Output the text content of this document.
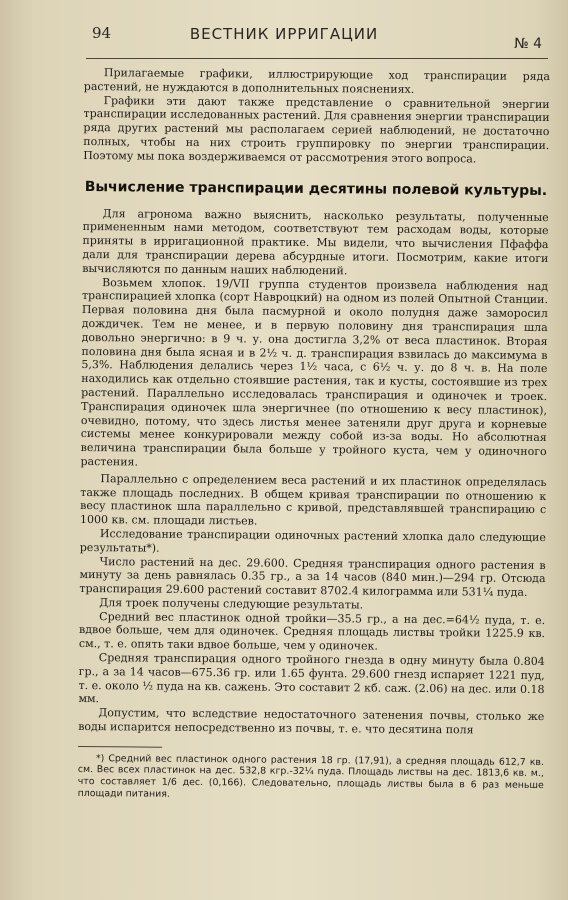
94	ВЕСТНИК ИРРИГАЦИИ
№ 4

Прилагаемые графики, иллюстрирующие ход транспирации ряда растений, не нуждаются в дополнительных пояснениях.

Графики эти дают также представление о сравнительной энергии транспирации исследованных растений. Для сравнения энергии транспирации ряда других растений мы располагаем серией наблюдений, не достаточно полных, чтобы на них строить группировку по энергии транспирации. Поэтому мы пока воздерживаемся от рассмотрения этого вопроса.

Вычисление транспирации десятины полевой культуры.

Для агронома важно выяснить, насколько результаты, полученные примененным нами методом, соответствуют тем расходам воды, которые приняты в ирригационной практике. Мы видели, что вычисления Пфаффа дали для транспирации дерева абсурдные итоги. Посмотрим, какие итоги вычисляются по данным наших наблюдений.

Возьмем хлопок. 19/VII группа студентов произвела наблюдения над транспирацией хлопка (сорт Навроцкий) на одном из полей Опытной Станции. Первая половина дня была пасмурной и около полудня даже заморосил дождичек. Тем не менее, и в первую половину дня транспирация шла довольно энергично: в 9 ч. у. она достигла 3,2% от веса пластинок. Вторая половина дня была ясная и в 2½ ч. д. транспирация взвилась до максимума в 5,3%. Наблюдения делались через 1½ часа, с 6½ ч. у. до 8 ч. в. На поле находились как отдельно стоявшие растения, так и кусты, состоявшие из трех растений. Параллельно исследовалась транспирация и одиночек и троек. Транспирация одиночек шла энергичнее (по отношению к весу пластинок), очевидно, потому, что здесь листья менее затеняли друг друга и корневые системы менее конкурировали между собой из-за воды. Но абсолютная величина транспирации была больше у тройного куста, чем у одиночного растения.

Параллельно с определением веса растений и их пластинок определялась также площадь последних. В общем кривая транспирации по отношению к весу пластинок шла параллельно с кривой, представлявшей транспирацию с 1000 кв. см. площади листьев.

Исследование транспирации одиночных растений хлопка дало следующие результаты*).

Число растений на дес. 29.600. Средняя транспирация одного растения в минуту за день равнялась 0.35 гр., а за 14 часов (840 мин.)—294 гр. Отсюда транспирация 29.600 растений составит 8702.4 килограмма или 531¼ пуда.

Для троек получены следующие результаты.

Средний вес пластинок одной тройки—35.5 гр., а на дес.=64½ пуда, т. е. вдвое больше, чем для одиночек. Средняя площадь листвы тройки 1225.9 кв. см., т. е. опять таки вдвое больше, чем у одиночек.

Средняя транспирация одного тройного гнезда в одну минуту была 0.804 гр., а за 14 часов—675.36 гр. или 1.65 фунта. 29.600 гнезд испаряет 1221 пуд, т. е. около ½ пуда на кв. сажень. Это составит 2 кб. саж. (2.06) на дес. или 0.18 мм.

Допустим, что вследствие недостаточного затенения почвы, столько же воды испарится непосредственно из почвы, т. е. что десятина поля

*) Средний вес пластинок одного растения 18 гр. (17,91), а средняя площадь 612,7 кв. см. Вес всех пластинок на дес. 532,8 кгр.-32¼ пуда. Площадь листвы на дес. 1813,6 кв. м., что составляет 1/6 дес. (0,166). Следовательно, площадь листвы была в 6 раз меньше площади питания.
